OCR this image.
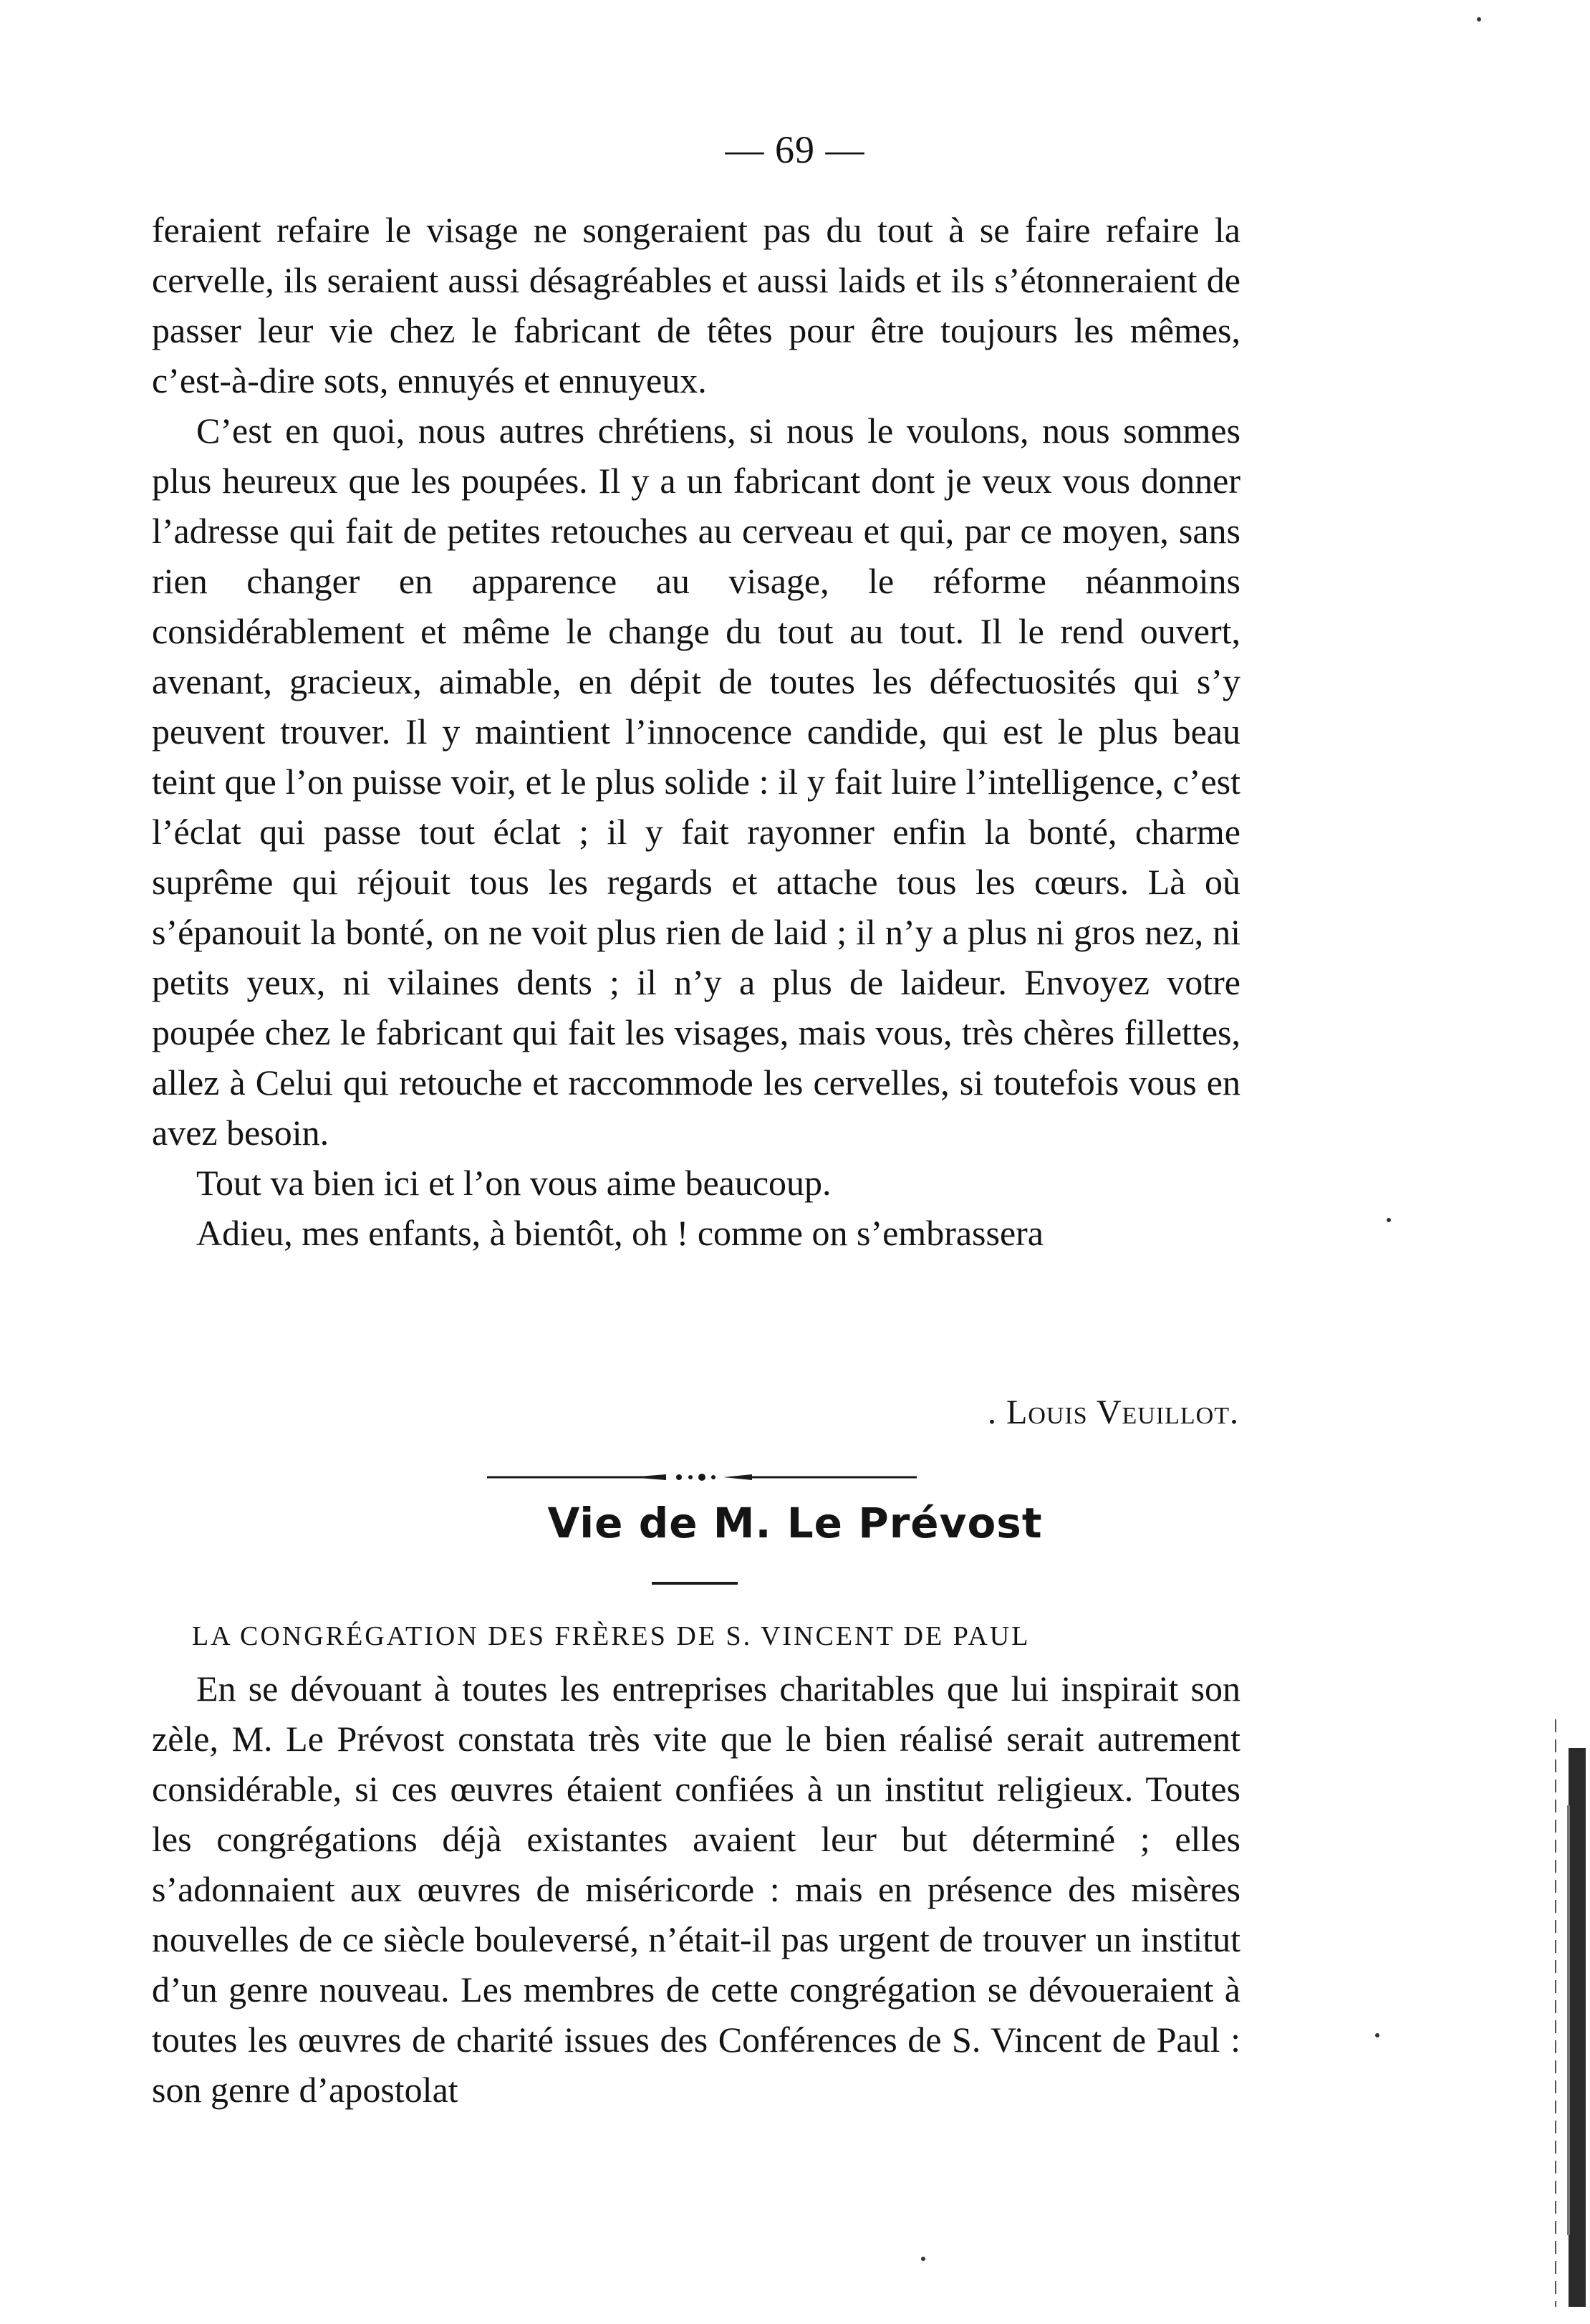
— 69 —

feraient refaire le visage ne songeraient pas du tout à se faire refaire la cervelle, ils seraient aussi désagréables et aussi laids et ils s’étonneraient de passer leur vie chez le fabricant de têtes pour être toujours les mêmes, c’est-à-dire sots, ennuyés et ennuyeux.

C’est en quoi, nous autres chrétiens, si nous le voulons, nous sommes plus heureux que les poupées. Il y a un fabricant dont je veux vous donner l’adresse qui fait de petites retouches au cerveau et qui, par ce moyen, sans rien changer en apparence au visage, le réforme néanmoins considérablement et même le change du tout au tout. Il le rend ouvert, avenant, gracieux, aimable, en dépit de toutes les défectuosités qui s’y peuvent trouver. Il y maintient l’innocence candide, qui est le plus beau teint que l’on puisse voir, et le plus solide : il y fait luire l’intelligence, c’est l’éclat qui passe tout éclat ; il y fait rayonner enfin la bonté, charme suprême qui réjouit tous les regards et attache tous les cœurs. Là où s’épanouit la bonté, on ne voit plus rien de laid ; il n’y a plus ni gros nez, ni petits yeux, ni vilaines dents ; il n’y a plus de laideur. Envoyez votre poupée chez le fabricant qui fait les visages, mais vous, très chères fillettes, allez à Celui qui retouche et raccommode les cervelles, si toutefois vous en avez besoin.

Tout va bien ici et l’on vous aime beaucoup.

Adieu, mes enfants, à bientôt, oh ! comme on s’embrassera

. Louis Veuillot.
Vie de M. Le Prévost
LA CONGRÉGATION DES FRÈRES DE S. VINCENT DE PAUL

En se dévouant à toutes les entreprises charitables que lui inspirait son zèle, M. Le Prévost constata très vite que le bien réalisé serait autrement considérable, si ces œuvres étaient confiées à un institut religieux. Toutes les congrégations déjà existantes avaient leur but déterminé ; elles s’adonnaient aux œuvres de miséricorde : mais en présence des misères nouvelles de ce siècle bouleversé, n’était-il pas urgent de trouver un institut d’un genre nouveau. Les membres de cette congrégation se dévoueraient à toutes les œuvres de charité issues des Conférences de S. Vincent de Paul : son genre d’apostolat
